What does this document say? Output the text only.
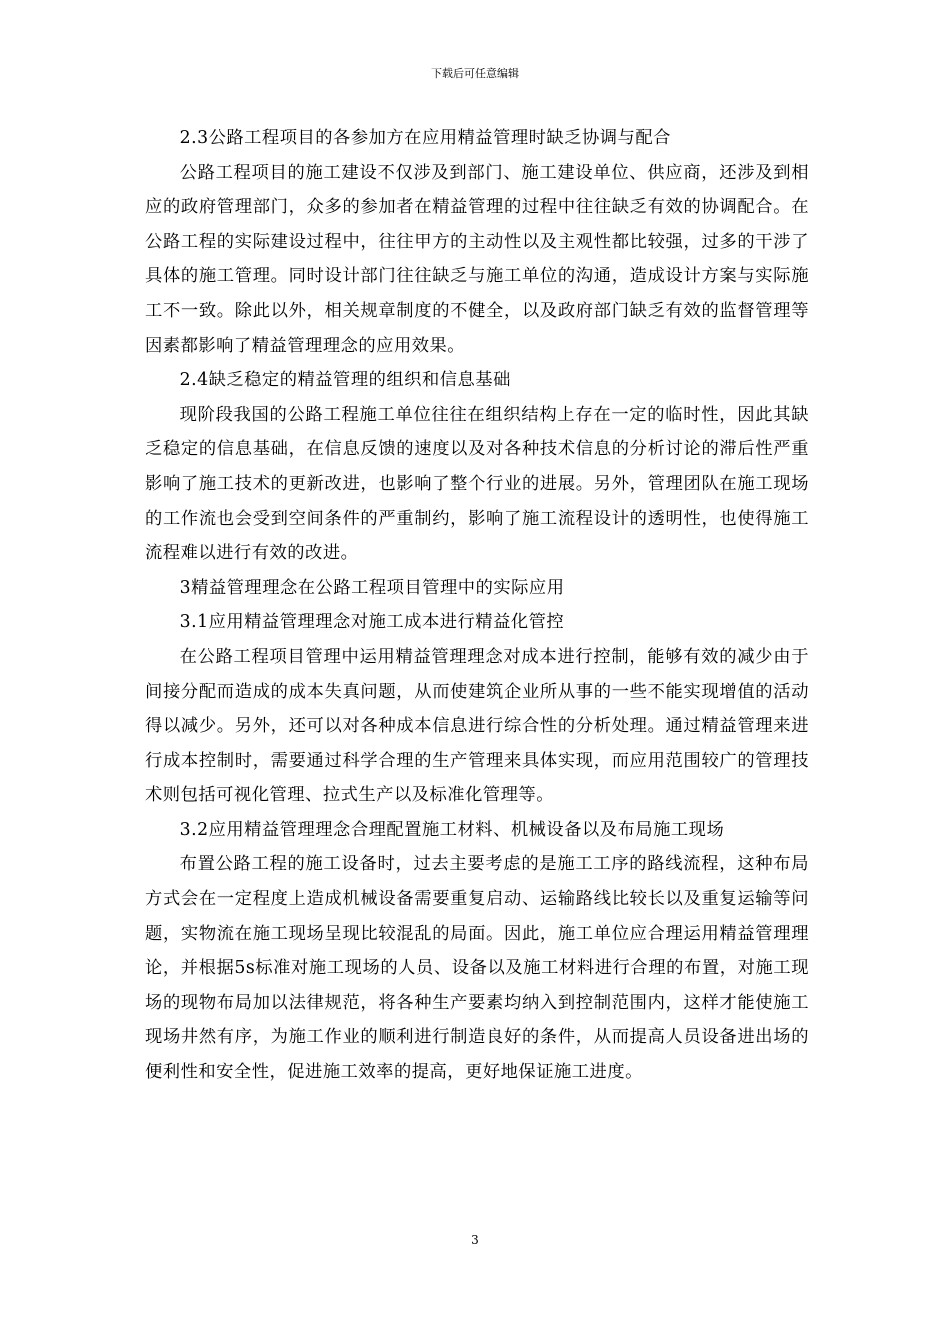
下载后可任意编辑

2.3公路工程项目的各参加方在应用精益管理时缺乏协调与配合

公路工程项目的施工建设不仅涉及到部门、施工建设单位、供应商，还涉及到相应的政府管理部门，众多的参加者在精益管理的过程中往往缺乏有效的协调配合。在公路工程的实际建设过程中，往往甲方的主动性以及主观性都比较强，过多的干涉了具体的施工管理。同时设计部门往往缺乏与施工单位的沟通，造成设计方案与实际施工不一致。除此以外，相关规章制度的不健全，以及政府部门缺乏有效的监督管理等因素都影响了精益管理理念的应用效果。

2.4缺乏稳定的精益管理的组织和信息基础

现阶段我国的公路工程施工单位往往在组织结构上存在一定的临时性，因此其缺乏稳定的信息基础，在信息反馈的速度以及对各种技术信息的分析讨论的滞后性严重影响了施工技术的更新改进，也影响了整个行业的进展。另外，管理团队在施工现场的工作流也会受到空间条件的严重制约，影响了施工流程设计的透明性，也使得施工流程难以进行有效的改进。

3精益管理理念在公路工程项目管理中的实际应用

3.1应用精益管理理念对施工成本进行精益化管控

在公路工程项目管理中运用精益管理理念对成本进行控制，能够有效的减少由于间接分配而造成的成本失真问题，从而使建筑企业所从事的一些不能实现增值的活动得以减少。另外，还可以对各种成本信息进行综合性的分析处理。通过精益管理来进行成本控制时，需要通过科学合理的生产管理来具体实现，而应用范围较广的管理技术则包括可视化管理、拉式生产以及标准化管理等。

3.2应用精益管理理念合理配置施工材料、机械设备以及布局施工现场

布置公路工程的施工设备时，过去主要考虑的是施工工序的路线流程，这种布局方式会在一定程度上造成机械设备需要重复启动、运输路线比较长以及重复运输等问题，实物流在施工现场呈现比较混乱的局面。因此，施工单位应合理运用精益管理理论，并根据5s标准对施工现场的人员、设备以及施工材料进行合理的布置，对施工现场的现物布局加以法律规范，将各种生产要素均纳入到控制范围内，这样才能使施工现场井然有序，为施工作业的顺利进行制造良好的条件，从而提高人员设备进出场的便利性和安全性，促进施工效率的提高，更好地保证施工进度。

3
